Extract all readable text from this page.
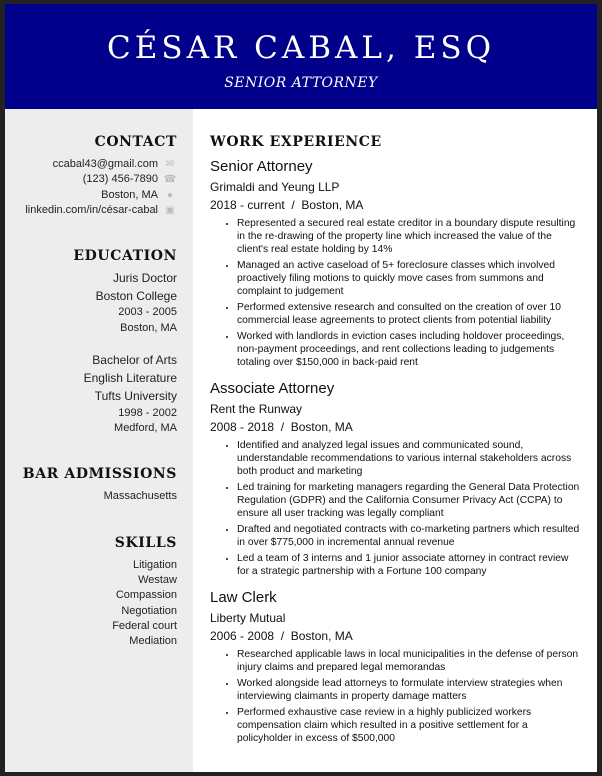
CÉSAR CABAL, ESQ
SENIOR ATTORNEY
CONTACT
ccabal43@gmail.com ✉
(123) 456-7890 ☎
Boston, MA ●
linkedin.com/in/césar-cabal ▣
EDUCATION
Juris Doctor
Boston College
2003 - 2005
Boston, MA
Bachelor of Arts
English Literature
Tufts University
1998 - 2002
Medford, MA
BAR ADMISSIONS
Massachusetts
SKILLS
Litigation
Westaw
Compassion
Negotiation
Federal court
Mediation
WORK EXPERIENCE
Senior Attorney
Grimaldi and Yeung LLP
2018 - current  /  Boston, MA
• Represented a secured real estate creditor in a boundary dispute resulting in the re-drawing of the property line which increased the value of the client's real estate holding by 14%
• Managed an active caseload of 5+ foreclosure classes which involved proactively filing motions to quickly move cases from summons and complaint to judgement
• Performed extensive research and consulted on the creation of over 10 commercial lease agreements to protect clients from potential liability
• Worked with landlords in eviction cases including holdover proceedings, non-payment proceedings, and rent collections leading to judgements totaling over $150,000 in back-paid rent
Associate Attorney
Rent the Runway
2008 - 2018  /  Boston, MA
• Identified and analyzed legal issues and communicated sound, understandable recommendations to various internal stakeholders across both product and marketing
• Led training for marketing managers regarding the General Data Protection Regulation (GDPR) and the California Consumer Privacy Act (CCPA) to ensure all user tracking was legally compliant
• Drafted and negotiated contracts with co-marketing partners which resulted in over $775,000 in incremental annual revenue
• Led a team of 3 interns and 1 junior associate attorney in contract review for a strategic partnership with a Fortune 100 company
Law Clerk
Liberty Mutual
2006 - 2008  /  Boston, MA
• Researched applicable laws in local municipalities in the defense of person injury claims and prepared legal memorandas
• Worked alongside lead attorneys to formulate interview strategies when interviewing claimants in property damage matters
• Performed exhaustive case review in a highly publicized workers compensation claim which resulted in a positive settlement for a policyholder in excess of $500,000
